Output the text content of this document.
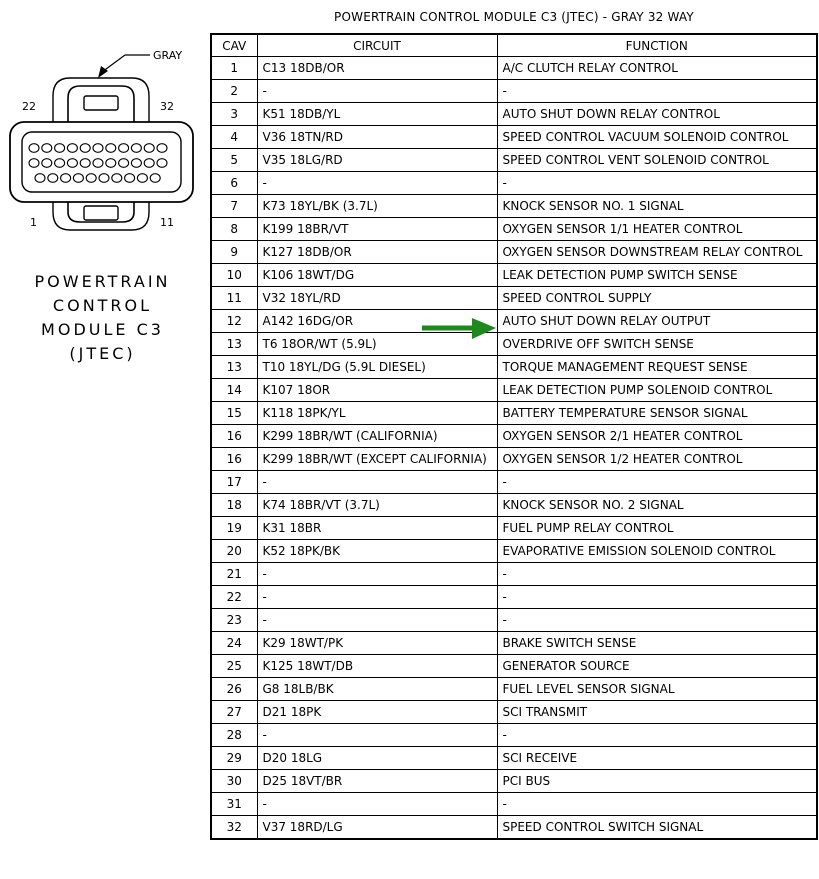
GRAY
22	32
1	11
POWERTRAIN
CONTROL
MODULE C3
(JTEC)
POWERTRAIN CONTROL MODULE C3 (JTEC) - GRAY 32 WAY
CAV	CIRCUIT	FUNCTION
1	C13 18DB/OR	A/C CLUTCH RELAY CONTROL
2	-	-
3	K51 18DB/YL	AUTO SHUT DOWN RELAY CONTROL
4	V36 18TN/RD	SPEED CONTROL VACUUM SOLENOID CONTROL
5	V35 18LG/RD	SPEED CONTROL VENT SOLENOID CONTROL
6	-	-
7	K73 18YL/BK (3.7L)	KNOCK SENSOR NO. 1 SIGNAL
8	K199 18BR/VT	OXYGEN SENSOR 1/1 HEATER CONTROL
9	K127 18DB/OR	OXYGEN SENSOR DOWNSTREAM RELAY CONTROL
10	K106 18WT/DG	LEAK DETECTION PUMP SWITCH SENSE
11	V32 18YL/RD	SPEED CONTROL SUPPLY
12	A142 16DG/OR	AUTO SHUT DOWN RELAY OUTPUT
13	T6 18OR/WT (5.9L)	OVERDRIVE OFF SWITCH SENSE
13	T10 18YL/DG (5.9L DIESEL)	TORQUE MANAGEMENT REQUEST SENSE
14	K107 18OR	LEAK DETECTION PUMP SOLENOID CONTROL
15	K118 18PK/YL	BATTERY TEMPERATURE SENSOR SIGNAL
16	K299 18BR/WT (CALIFORNIA)	OXYGEN SENSOR 2/1 HEATER CONTROL
16	K299 18BR/WT (EXCEPT CALIFORNIA)	OXYGEN SENSOR 1/2 HEATER CONTROL
17	-	-
18	K74 18BR/VT (3.7L)	KNOCK SENSOR NO. 2 SIGNAL
19	K31 18BR	FUEL PUMP RELAY CONTROL
20	K52 18PK/BK	EVAPORATIVE EMISSION SOLENOID CONTROL
21	-	-
22	-	-
23	-	-
24	K29 18WT/PK	BRAKE SWITCH SENSE
25	K125 18WT/DB	GENERATOR SOURCE
26	G8 18LB/BK	FUEL LEVEL SENSOR SIGNAL
27	D21 18PK	SCI TRANSMIT
28	-	-
29	D20 18LG	SCI RECEIVE
30	D25 18VT/BR	PCI BUS
31	-	-
32	V37 18RD/LG	SPEED CONTROL SWITCH SIGNAL
